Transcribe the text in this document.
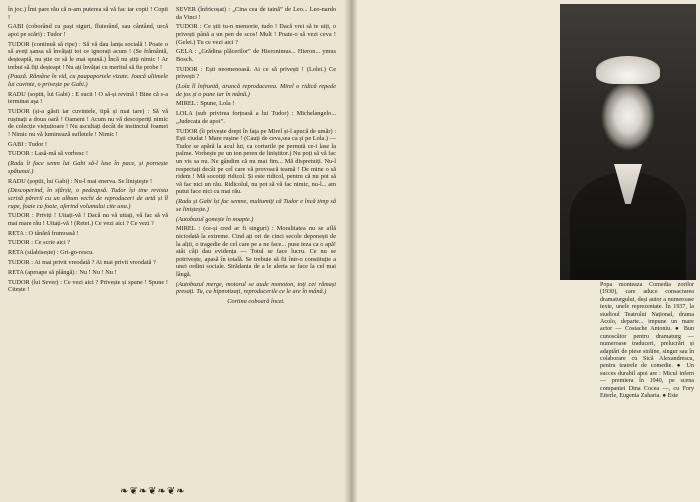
în joc.) Îmi pare rău că n-am puterea să vă fac iar copii ! Copii !

GABI (coborând cu pași siguri, fluierând, sau cântând, urcă apoi pe scări) : Tudor !

TUDOR (continuă să ripe) : Să vă dau lanța socială ! Poate o să aveți șansa să învățați tot ce ignorați acum ! (Se frământă, deșteaptă, nu știe ce să le mai spună.) Încă nu știți nimic ! Ar trebui să fiți deșteapt ! Nu ați învățat cu meritul să fie probe !

(Pauză. Rămâne în vid, cu paapaportele vizate. Joacă ultimele lui cuvinte, o privește pe Gabi.)

RADU (soptit, lui Gabi) : E sucit ! O să-și revină ! Bine că s-a terminat aşa !

TUDOR (și-a găsit iar cuvintele, tipă și mai tare) : Să vă rușinați a doua oară ! Oameni ! Acum nu vă descoperiți nimic de colecție viețuitoare ! Nu ascultați decât de instinctul foamei ! Nimic nu vă luminează sufletele ! Nimic !

GABI : Tudor !

TUDOR : Lasă-mă să vorbesc !

(Radu îi face semn lui Gabi să-l lase în pace, și pornește spătunai.)

RADU (șoptit, lui Gabi) : Nu-l mai enerva. Se linişteşte !

(Descoperind, în sfârșit, o pedeapsă. Tudor își tine revista scrisă părerii cu un album vechi de reproduceri de artă și îl rupe, foaie cu foaie, aferind volumului cite una.)

TUDOR : Priviți ! Uitați-vă ! Dacă nu vă uitați, vă fac să vă mai mare rău ! Uitați-vă ! (Retei.) Ce vezi aici ? Ce vezi ?

RETA : O tânără frumoasă !

TUDOR : Ce scrie aici ?

RETA (silabisește) : Gri-go-rescu.

TUDOR : Ai mai privit vreodată ? Ai mai privit vreodată ?

RETA (aproape să plângă) : Nu ! Nu ! Nu !

TUDOR (lui Sever) : Ce vezi aici ? Privește și spune ! Spune ! Citește !

SEVER (înfricoșat) : „Cina cea de taină” de Leo... Leo-nardo da Vinci !

TUDOR : Ce știi tu-n memorie, tudo ! Dacă vrei să te uiți, o privești până a un pen de scos! Mult ! Poate-o să vezi ceva ! (Gelei.) Tu ce vezi aici ?

GELA : „Grădina plăcerilor” de Hieronimus... Hieron... ymus Bosch.

TUDOR : Ești neomenoasă. Ai ce să privești ! (Lolei.) Ce privești ?

(Lola îl înfruntă, aruncă reproducerea. Mirel o ridică repede de jos și o pune iar în mână.)

MIREL : Spune, Lola !

LOLA (sub privirea forțoasă a lui Tudor) : Michelangelo... „Judecata de apoi”.

TUDOR (îi privește drept în fața pe Mirel și-l apucă de umăr) : Ești ciudat ! Mare rușine ! (Cauți de ceva,sea ca și pe Lola.) — Tudor se apără la acul lui, ca corturile pe pernută ce-i lase la palme. Vorbește pe un ton peren de liniștitor.) Nu poți să vă fac un vis sa nu. Ne gândim că nu mai fim... Mă dispretuiți. Nu-l respectați decât pe cel care vă provoacă teamă ! De mine o să ridem ! Mă socotiți ridicol. Și este ridicol, pentru că nu pot să vă fac nici un rău. Ridicolul, nu pot să vă fac nimic, nu-l... am putut face nici cu mai rău.

(Radu și Gabi își fac semne, multumiți că Tudor e încă timp să se liniștește.)

(Autobuzul gonește în noapte.)

MIREL : (ce-și cred ar fi singuri) : Moralitatea nu se află niciodată la extreme. Cind ați ori de cinci secole deponești de la alții, o tragedie de cel care pe a ne face... puse teza ca o apă! atât câți dau evidența — Totul se face lucru. Ce nu se potrivește, apasă în totală. Se trebuie să fii într-o constituție a unei ordini sociale. Strădania de a le alerta se face la cel mai lângă.

(Autobuzul merge, motorul se aude monoton, toți cei rămași presați. Tu, ca hipnotizați, reproducerile ce le are în mână.)

Cortina coboară încet.

❧❦❧❦❧❦❧

Popa monteaza Comedia zorilor (1930), care aduce consacrarea dramaturgului, deși autor a numeroase texte, unele reprezentate. În 1937, la studioul Teatrului Național, drama Acolo, departe... impune un mare actor — Costache Antoniu. ● Bun cunoscător pentru dramaturg — numeroase traduceri, prelucrări și adaptări de piese străine, singur sau în colaborare cu Sică Alexandrescu, pentru teatrele de comedie. ● Un succes durabil apoi are : Micul infern — premiera în 1940, pe scena companiei Dina Cocea —, cu Fory Etterle, Eugenia Zaharia. ● Este
